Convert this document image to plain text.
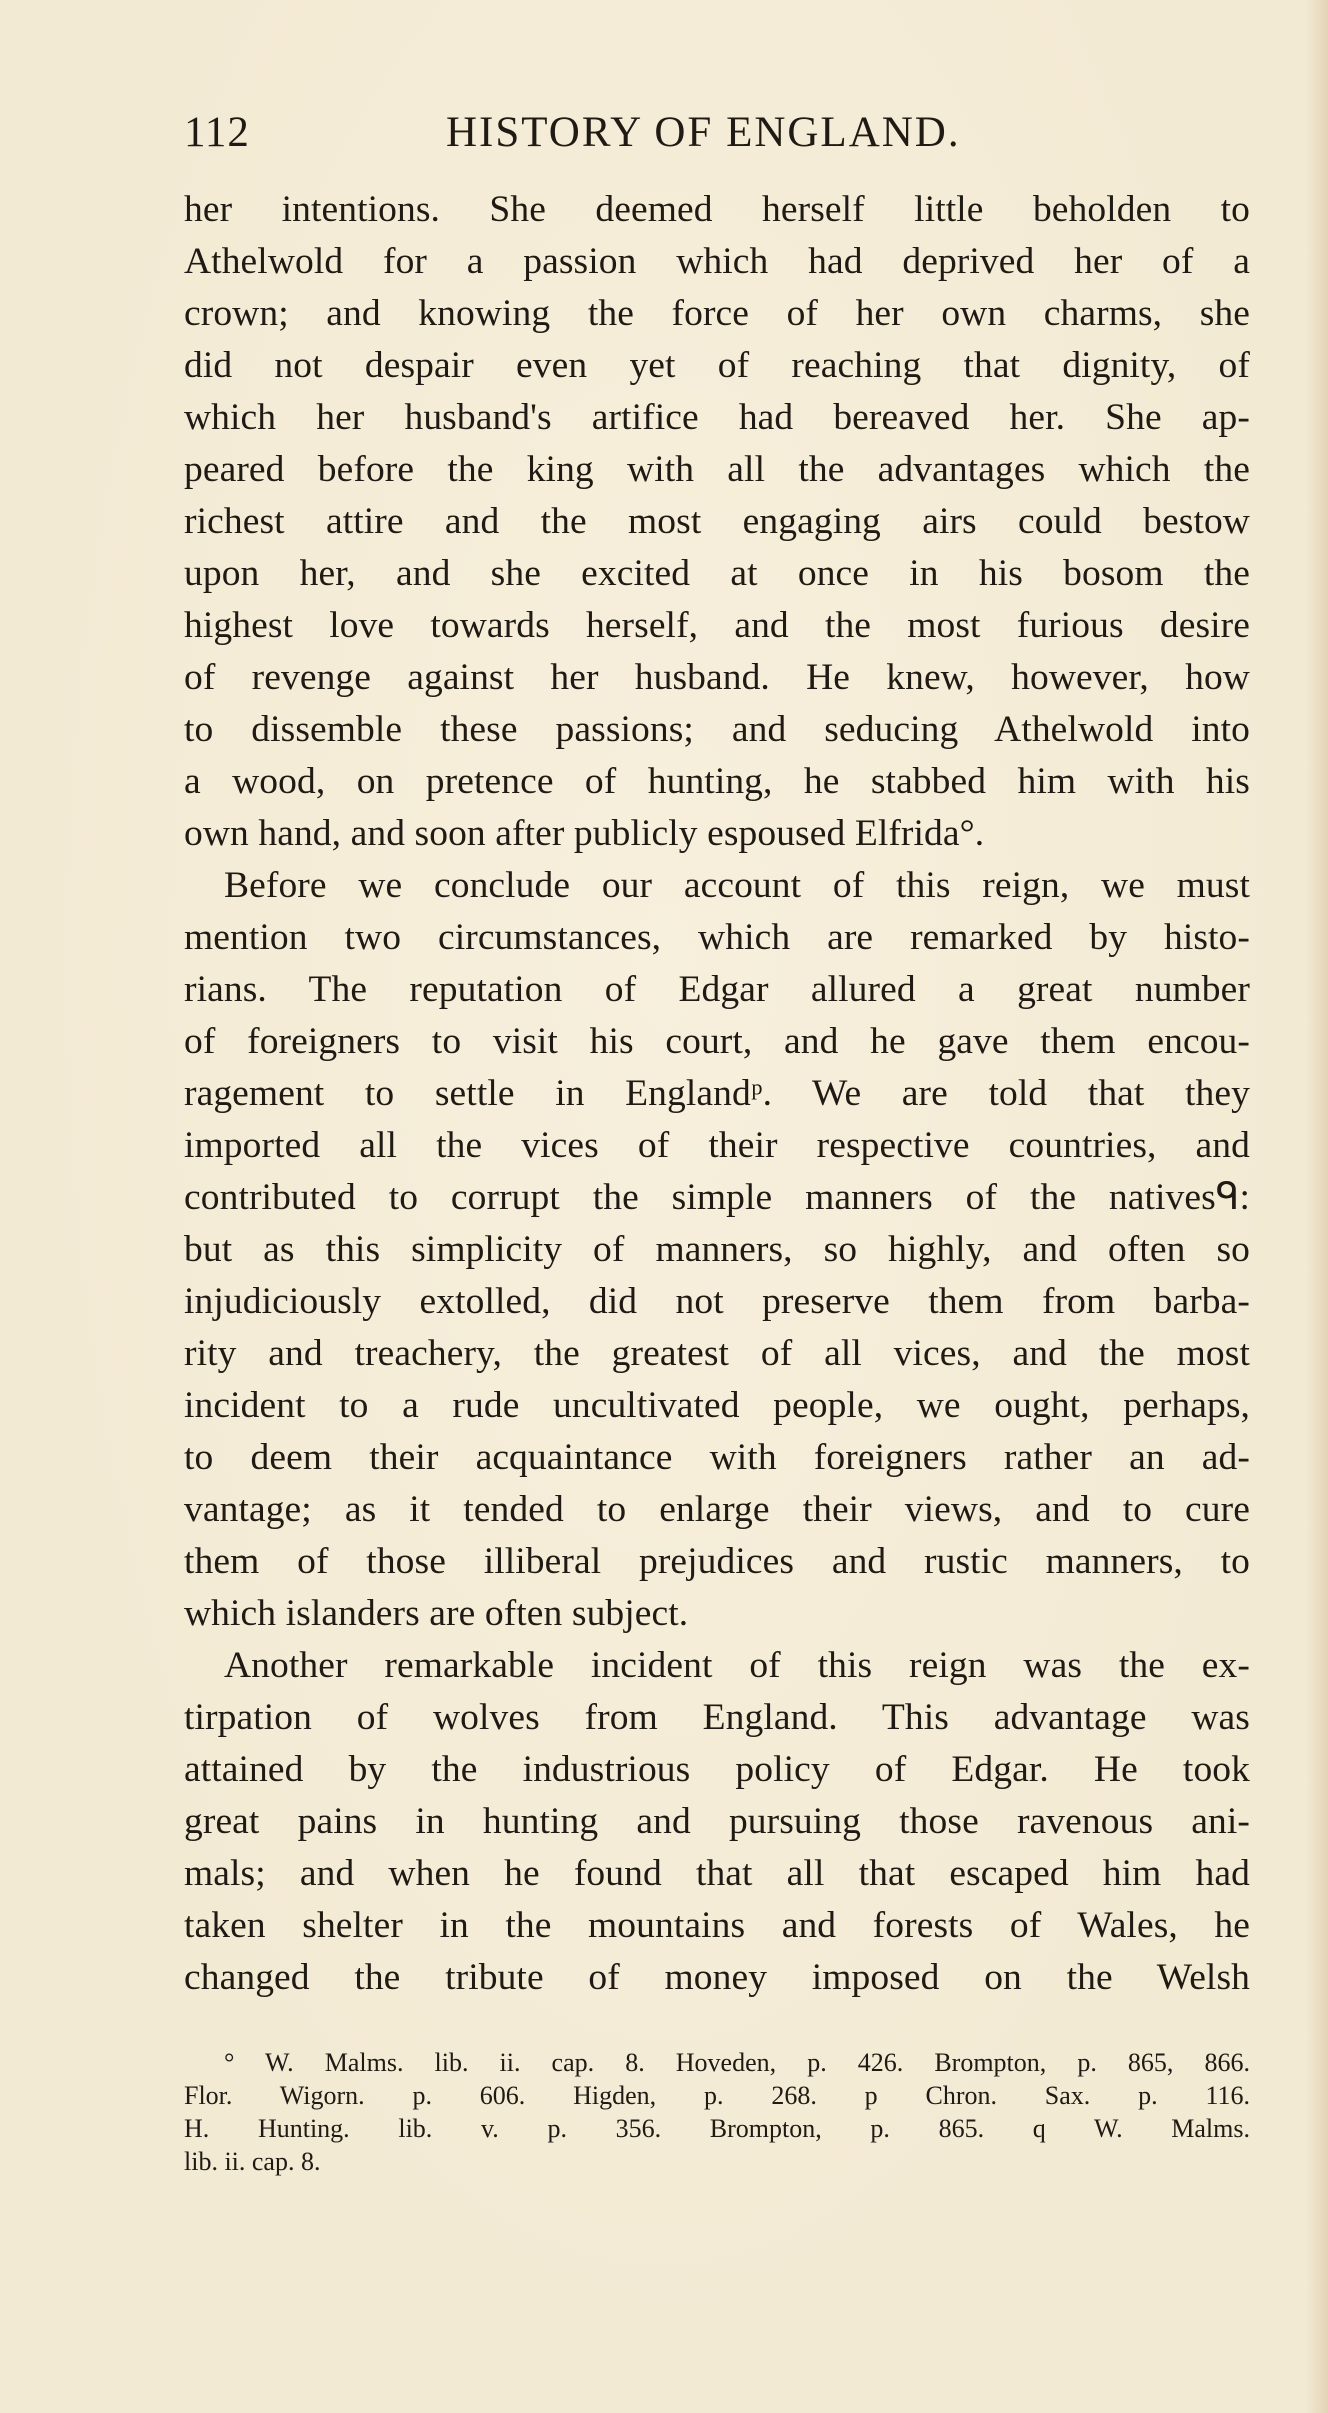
112	HISTORY OF ENGLAND.
her intentions. She deemed herself little beholden to
Athelwold for a passion which had deprived her of a
crown; and knowing the force of her own charms, she
did not despair even yet of reaching that dignity, of
which her husband's artifice had bereaved her. She ap-
peared before the king with all the advantages which the
richest attire and the most engaging airs could bestow
upon her, and she excited at once in his bosom the
highest love towards herself, and the most furious desire
of revenge against her husband. He knew, however, how
to dissemble these passions; and seducing Athelwold into
a wood, on pretence of hunting, he stabbed him with his
own hand, and soon after publicly espoused Elfrida°.
Before we conclude our account of this reign, we must
mention two circumstances, which are remarked by histo-
rians. The reputation of Edgar allured a great number
of foreigners to visit his court, and he gave them encou-
ragement to settle in Englandᵖ. We are told that they
imported all the vices of their respective countries, and
contributed to corrupt the simple manners of the nativesᑫ:
but as this simplicity of manners, so highly, and often so
injudiciously extolled, did not preserve them from barba-
rity and treachery, the greatest of all vices, and the most
incident to a rude uncultivated people, we ought, perhaps,
to deem their acquaintance with foreigners rather an ad-
vantage; as it tended to enlarge their views, and to cure
them of those illiberal prejudices and rustic manners, to
which islanders are often subject.
Another remarkable incident of this reign was the ex-
tirpation of wolves from England. This advantage was
attained by the industrious policy of Edgar. He took
great pains in hunting and pursuing those ravenous ani-
mals; and when he found that all that escaped him had
taken shelter in the mountains and forests of Wales, he
changed the tribute of money imposed on the Welsh
° W. Malms. lib. ii. cap. 8. Hoveden, p. 426. Brompton, p. 865, 866.
Flor. Wigorn. p. 606. Higden, p. 268. p Chron. Sax. p. 116.
H. Hunting. lib. v. p. 356. Brompton, p. 865. q W. Malms.
lib. ii. cap. 8.
